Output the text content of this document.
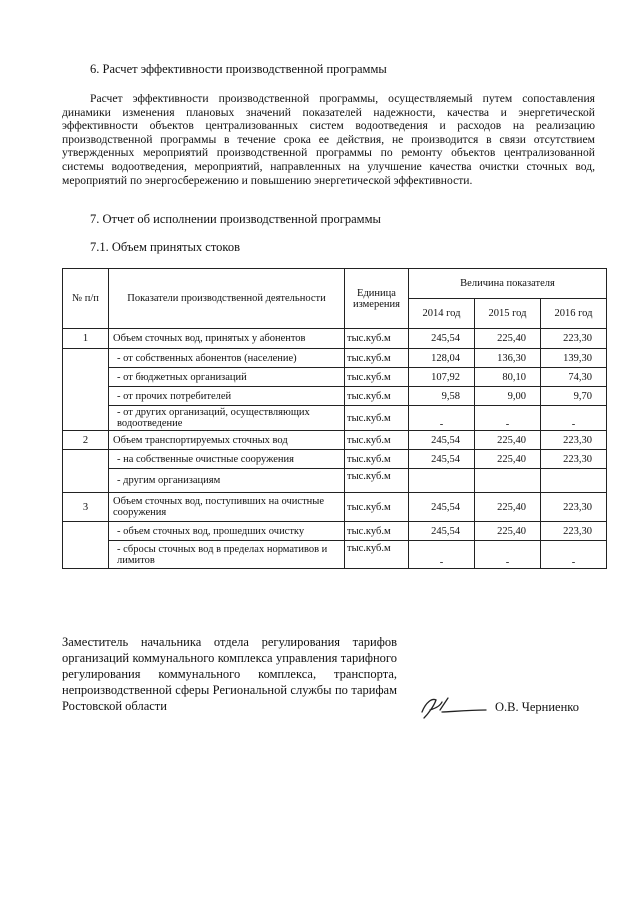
6. Расчет эффективности производственной программы
Расчет эффективности производственной программы, осуществляемый путем сопоставления динамики изменения плановых значений показателей надежности, качества и энергетической эффективности объектов централизованных систем водоотведения и расходов на реализацию производственной программы в течение срока ее действия, не производится в связи отсутствием утвержденных мероприятий производственной программы по ремонту объектов централизованной системы водоотведения, мероприятий, направленных на улучшение качества очистки сточных вод, мероприятий по энергосбережению и повышению энергетической эффективности.
7. Отчет об исполнении производственной программы
7.1. Объем принятых стоков
№ п/п	Показатели производственной деятельности	Единица измерения	Величина показателя		
			2014 год	2015 год	2016 год
1	Объем сточных вод, принятых у абонентов	тыс.куб.м	245,54	225,40	223,30
	- от собственных абонентов (население)	тыс.куб.м	128,04	136,30	139,30
	- от бюджетных организаций	тыс.куб.м	107,92	80,10	74,30
	- от прочих потребителей	тыс.куб.м	9,58	9,00	9,70
	- от других организаций, осуществляющих водоотведение	тыс.куб.м	-	-	-
2	Объем транспортируемых сточных вод	тыс.куб.м	245,54	225,40	223,30
	- на собственные очистные сооружения	тыс.куб.м	245,54	225,40	223,30
	- другим организациям	тыс.куб.м			
3	Объем сточных вод, поступивших на очистные сооружения	тыс.куб.м	245,54	225,40	223,30
	- объем сточных вод, прошедших очистку	тыс.куб.м	245,54	225,40	223,30
	- сбросы сточных вод в пределах нормативов и лимитов	тыс.куб.м	-	-	-
Заместитель начальника отдела регулирования тарифов организаций коммунального комплекса управления тарифного регулирования коммунального комплекса, транспорта, непроизводственной сферы Региональной службы по тарифам Ростовской области	О.В. Черниенко
